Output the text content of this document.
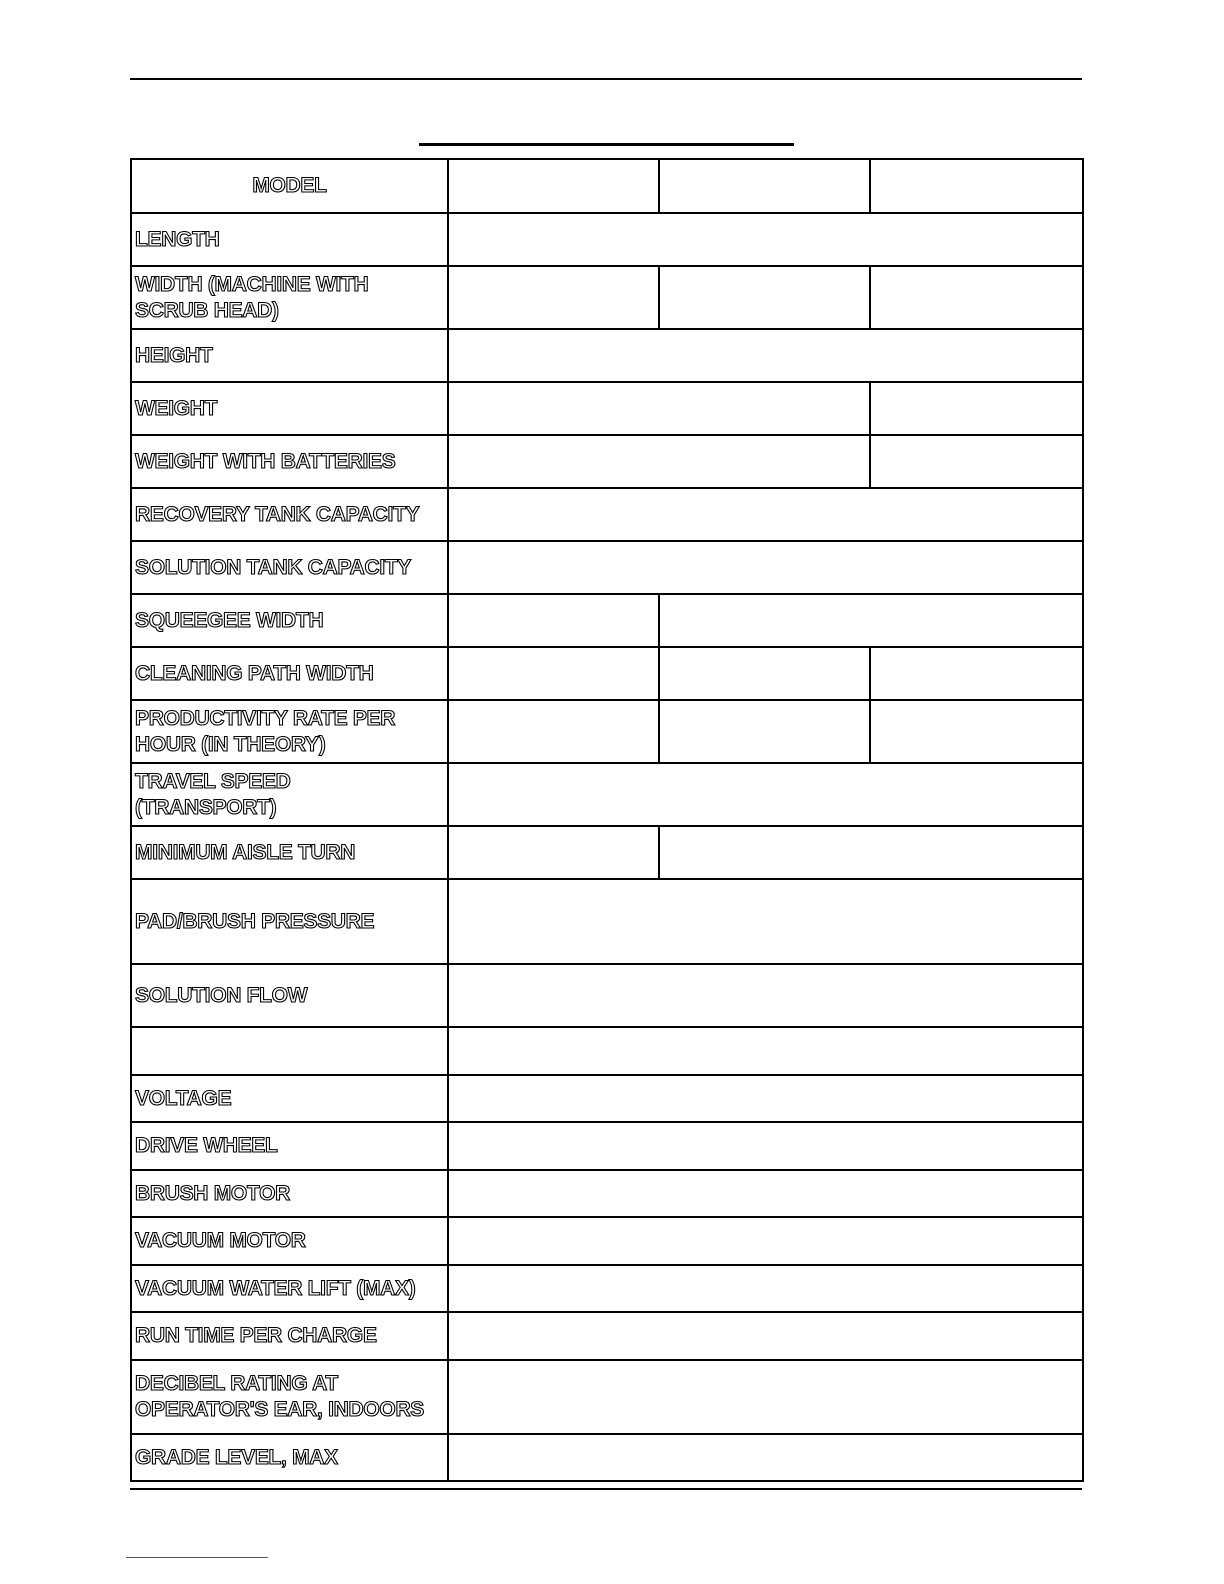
MODEL			
LENGTH			

WIDTH (MACHINE WITH SCRUB HEAD)			

HEIGHT			
WEIGHT			
WEIGHT WITH BATTERIES			
RECOVERY TANK CAPACITY			
SOLUTION TANK CAPACITY			
SQUEEGEE WIDTH			
CLEANING PATH WIDTH			

PRODUCTIVITY RATE PER HOUR (IN THEORY)			

TRAVEL SPEED (TRANSPORT)			

MINIMUM AISLE TURN			
PAD/BRUSH PRESSURE			
SOLUTION FLOW			

VOLTAGE			
DRIVE WHEEL			
BRUSH MOTOR			
VACUUM MOTOR			
VACUUM WATER LIFT (MAX)			
RUN TIME PER CHARGE			

DECIBEL RATING AT OPERATOR'S EAR, INDOORS			

GRADE LEVEL, MAX			
